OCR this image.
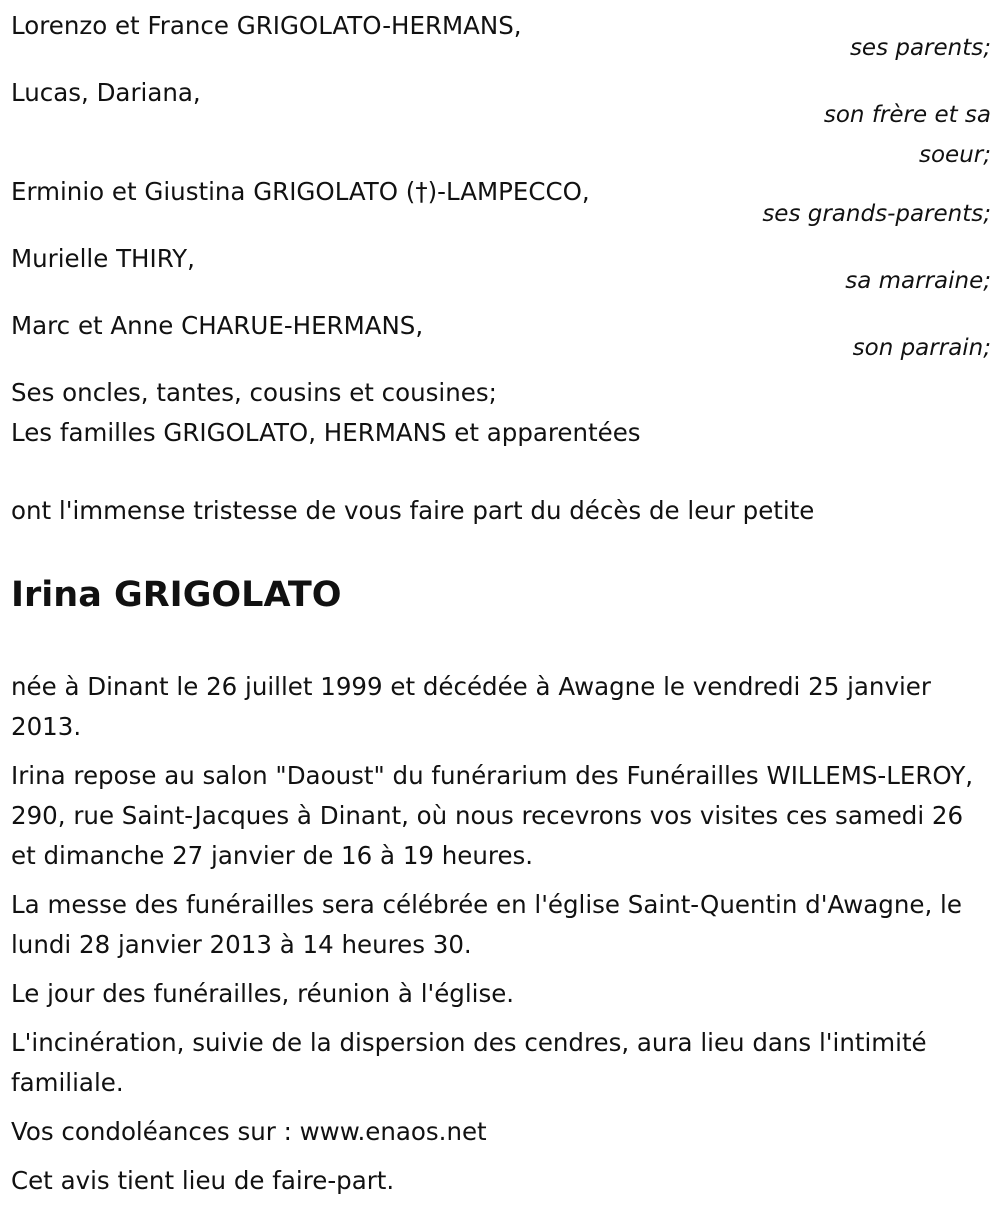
Lorenzo et France GRIGOLATO-HERMANS,
ses parents;
Lucas, Dariana,
son frère et sa soeur;
Erminio et Giustina GRIGOLATO (†)-LAMPECCO,
ses grands-parents;
Murielle THIRY,
sa marraine;
Marc et Anne CHARUE-HERMANS,
son parrain;
Ses oncles, tantes, cousins et cousines;
Les familles GRIGOLATO, HERMANS et apparentées
ont l'immense tristesse de vous faire part du décès de leur petite
Irina GRIGOLATO
née à Dinant le 26 juillet 1999 et décédée à Awagne le vendredi 25 janvier 2013.
Irina repose au salon "Daoust" du funérarium des Funérailles WILLEMS-LEROY, 290, rue Saint-Jacques à Dinant, où nous recevrons vos visites ces samedi 26 et dimanche 27 janvier de 16 à 19 heures.
La messe des funérailles sera célébrée en l'église Saint-Quentin d'Awagne, le lundi 28 janvier 2013 à 14 heures 30.
Le jour des funérailles, réunion à l'église.
L'incinération, suivie de la dispersion des cendres, aura lieu dans l'intimité familiale.
Vos condoléances sur : www.enaos.net
Cet avis tient lieu de faire-part.
